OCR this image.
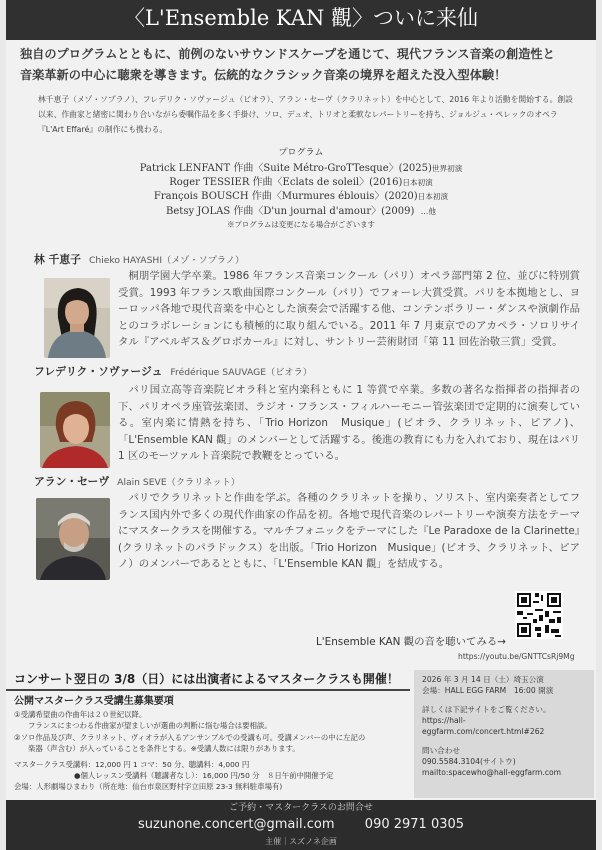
〈L'Ensemble KAN 觀〉ついに来仙
独自のプログラムとともに、前例のないサウンドスケープを通じて、現代フランス音楽の創造性と
音楽革新の中心に聴衆を導きます。伝統的なクラシック音楽の境界を超えた没入型体験！
林千恵子（メゾ・ソプラノ）、フレデリク・ソヴァージュ（ビオラ）、アラン・セーヴ（クラリネット）を中心として、2016 年より活動を開始する。創設以来、作曲家と緒密に関わり合いながら委嘱作品を多く手掛け、ソロ、デュオ、トリオと柔軟なレパートリーを持ち、ジョルジュ・ペレックのオペラ『L'Art Effaré』の制作にも携わる。
プログラム
Patrick LENFANT 作曲〈Suite Métro-GroTTesque〉(2025)世界初演
Roger TESSIER 作曲〈Eclats de soleil〉(2016)日本初演
François BOUSCH 作曲〈Murmures éblouis〉(2020)日本初演
Betsy JOLAS 作曲〈D'un journal d'amour〉(2009) …他
※プログラムは変更になる場合がございます
林 千恵子 Chieko HAYASHI（メゾ・ソプラノ）
桐朋学園大学卒業。1986 年フランス音楽コンクール（パリ）オペラ部門第 2 位、並びに特別賞受賞。1993 年フランス歌曲国際コンクール（パリ）でフォーレ大賞受賞。パリを本拠地とし、ヨーロッパ各地で現代音楽を中心とした演奏会で活躍する他、コンテンポラリー・ダンスや演劇作品とのコラボレーションにも積極的に取り組んでいる。2011 年 7 月東京でのアカペラ・ソロリサイタル『アベルギス＆グロボカール』に対し、サントリー芸術財団「第 11 回佐治敬三賞」受賞。
フレデリク・ソヴァージュ Frédérique SAUVAGE（ビオラ）
パリ国立高等音楽院ビオラ科と室内楽科ともに 1 等賞で卒業。多数の著名な指揮者の指揮者の下、パリオペラ座管弦楽団、ラジオ・フランス・フィルハーモニー管弦楽団で定期的に演奏している。室内楽に情熱を持ち、「Trio Horizon　Musique」(ビオラ、クラリネット、ピアノ)、「L'Ensemble KAN 觀」のメンバーとして活躍する。後進の教育にも力を入れており、現在はパリ 1 区のモーツァルト音楽院で教鞭をとっている。
アラン・セーヴ Alain SEVE（クラリネット）
パリでクラリネットと作曲を学ぶ。各種のクラリネットを操り、ソリスト、室内楽奏者としてフランス国内外で多くの現代作曲家の作品を初。各地で現代音楽のレパートリーや演奏方法をテーマにマスタークラスを開催する。マルチフォニックをテーマにした『Le Paradoxe de la Clarinette』(クラリネットのパラドックス）を出版。「Trio Horizon　Musique」(ビオラ、クラリネット、ピアノ）のメンバーであるとともに、「L'Ensemble KAN 觀」を結成する。
L'Ensemble KAN 觀の音を聴いてみる→
https://youtu.be/GNTTCsRj9Mg
コンサート翌日の 3/8（日）には出演者によるマスタークラスも開催！
公開マスタークラス受講生募集要項
①受講希望曲の作曲年は２０世紀以降。
フランスにまつわる作曲家が望ましいが選曲の判断に悩む場合は要相談。
②ソロ作品及び声、クラリネット、ヴィオラが入るアンサンブルでの受講も可。受講メンバーの中に左記の
楽器（声含む）が入っていることを条件とする。※受講人数には限りがあります。
マスタークラス受講料：12,000 円 1 コマ：50 分、聴講料：4,000 円
●個人レッスン受講料（聴講者なし）：16,000 円/50 分　８日午前中開催予定
会場：人形劇場ひまわり（所在地：仙台市泉区野村字立田原 23-3 無料駐車場有)
2026 年 3 月 14 日（土）埼玉公演
会場：HALL EGG FARM　16:00 開演
詳しくは下記サイトをご覧ください。
https://hall-eggfarm.com/concert.html#262
問い合わせ
090.5584.3104(サイトウ)
mailto:spacewho@hall-eggfarm.com
ご予約・マスタークラスのお問合せ
suzunone.concert@gmail.com 090 2971 0305
主催｜スズノネ企画
